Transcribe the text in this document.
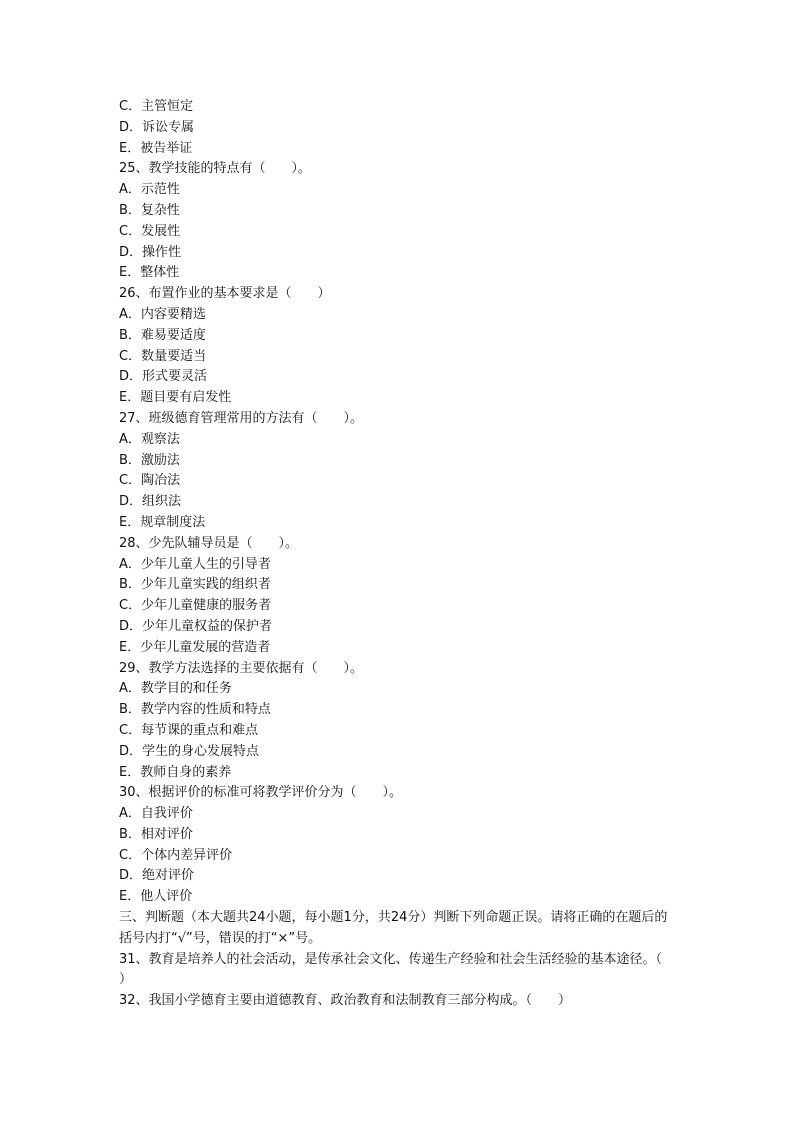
C．主管恒定

D．诉讼专属

E．被告举证

25、教学技能的特点有（　　）。

A．示范性

B．复杂性

C．发展性

D．操作性

E．整体性

26、布置作业的基本要求是（　　）

A．内容要精选

B．难易要适度

C．数量要适当

D．形式要灵活

E．题目要有启发性

27、班级德育管理常用的方法有（　　）。

A．观察法

B．激励法

C．陶冶法

D．组织法

E．规章制度法

28、少先队辅导员是（　　）。

A．少年儿童人生的引导者

B．少年儿童实践的组织者

C．少年儿童健康的服务者

D．少年儿童权益的保护者

E．少年儿童发展的营造者

29、教学方法选择的主要依据有（　　）。

A．教学目的和任务

B．教学内容的性质和特点

C．每节课的重点和难点

D．学生的身心发展特点

E．教师自身的素养

30、根据评价的标准可将教学评价分为（　　）。

A．自我评价

B．相对评价

C．个体内差异评价

D．绝对评价

E．他人评价

三、判断题（本大题共24小题，每小题1分，共24分）判断下列命题正误。请将正确的在题后的括号内打“√”号，错误的打“×”号。

31、教育是培养人的社会活动，是传承社会文化、传递生产经验和社会生活经验的基本途径。（　　）

32、我国小学德育主要由道德教育、政治教育和法制教育三部分构成。（　　）
